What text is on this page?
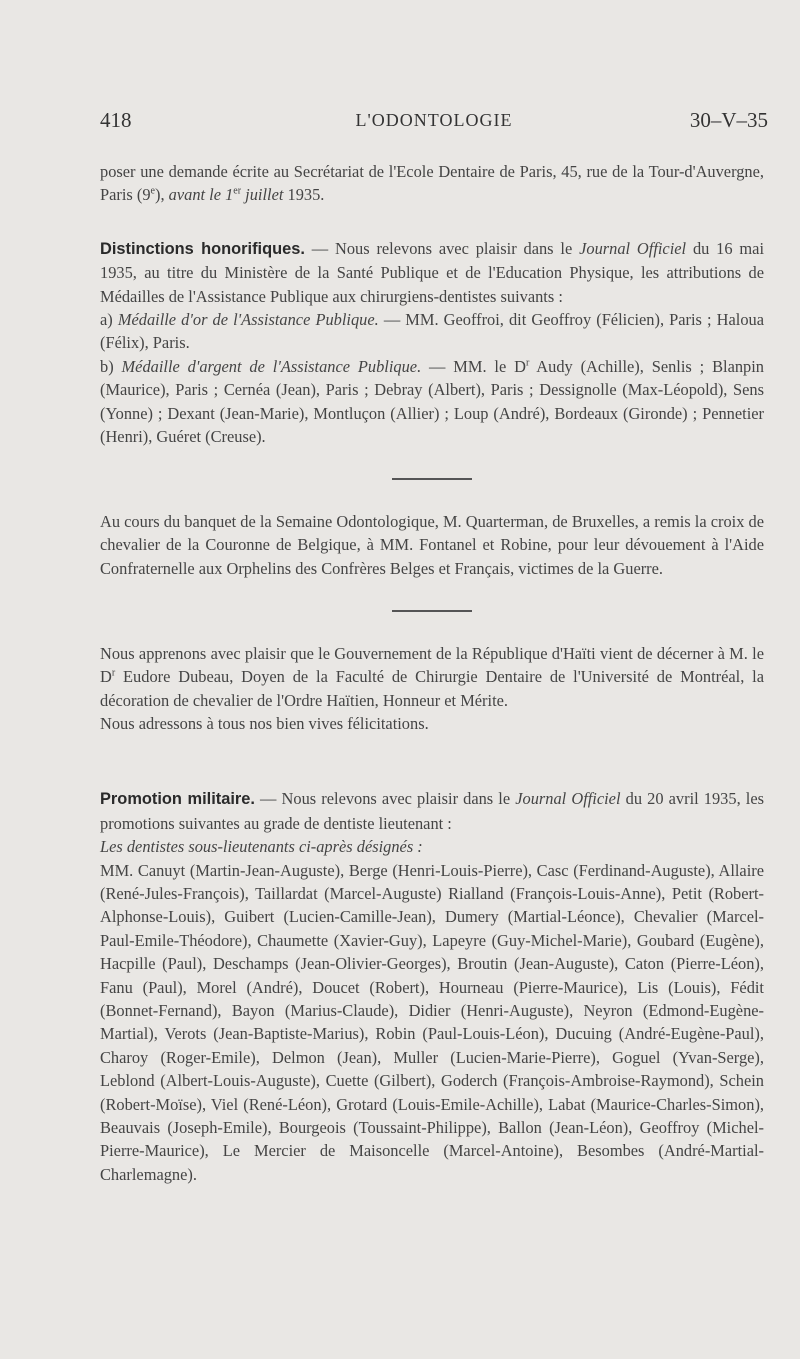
418	L'ODONTOLOGIE	30–V–35

poser une demande écrite au Secrétariat de l'Ecole Dentaire de Paris, 45, rue de la Tour-d'Auvergne, Paris (9e), avant le 1er juillet 1935.

Distinctions honorifiques. — Nous relevons avec plaisir dans le Journal Officiel du 16 mai 1935, au titre du Ministère de la Santé Publique et de l'Education Physique, les attributions de Médailles de l'Assistance Publique aux chirurgiens-dentistes suivants :

a) Médaille d'or de l'Assistance Publique. — MM. Geoffroi, dit Geoffroy (Félicien), Paris ; Haloua (Félix), Paris.

b) Médaille d'argent de l'Assistance Publique. — MM. le $D^r$ Audy (Achille), Senlis ; Blanpin (Maurice), Paris ; Cernéa (Jean), Paris ; Debray (Albert), Paris ; Dessignolle (Max-Léopold), Sens (Yonne) ; Dexant (Jean-Marie), Montluçon (Allier) ; Loup (André), Bordeaux (Gironde) ; Pennetier (Henri), Guéret (Creuse).

Au cours du banquet de la Semaine Odontologique, M. Quarterman, de Bruxelles, a remis la croix de chevalier de la Couronne de Belgique, à MM. Fontanel et Robine, pour leur dévouement à l'Aide Confraternelle aux Orphelins des Confrères Belges et Français, victimes de la Guerre.

Nous apprenons avec plaisir que le Gouvernement de la République d'Haïti vient de décerner à M. le $D^r$ Eudore Dubeau, Doyen de la Faculté de Chirurgie Dentaire de l'Université de Montréal, la décoration de chevalier de l'Ordre Haïtien, Honneur et Mérite.

Nous adressons à tous nos bien vives félicitations.

Promotion militaire. — Nous relevons avec plaisir dans le Journal Officiel du 20 avril 1935, les promotions suivantes au grade de dentiste lieutenant :

Les dentistes sous-lieutenants ci-après désignés :

MM. Canuyt (Martin-Jean-Auguste), Berge (Henri-Louis-Pierre), Casc (Ferdinand-Auguste), Allaire (René-Jules-François), Taillardat (Marcel-Auguste) Rialland (François-Louis-Anne), Petit (Robert-Alphonse-Louis), Guibert (Lucien-Camille-Jean), Dumery (Martial-Léonce), Chevalier (Marcel-Paul-Emile-Théodore), Chaumette (Xavier-Guy), Lapeyre (Guy-Michel-Marie), Goubard (Eugène), Hacpille (Paul), Deschamps (Jean-Olivier-Georges), Broutin (Jean-Auguste), Caton (Pierre-Léon), Fanu (Paul), Morel (André), Doucet (Robert), Hourneau (Pierre-Maurice), Lis (Louis), Fédit (Bonnet-Fernand), Bayon (Marius-Claude), Didier (Henri-Auguste), Neyron (Edmond-Eugène-Martial), Verots (Jean-Baptiste-Marius), Robin (Paul-Louis-Léon), Ducuing (André-Eugène-Paul), Charoy (Roger-Emile), Delmon (Jean), Muller (Lucien-Marie-Pierre), Goguel (Yvan-Serge), Leblond (Albert-Louis-Auguste), Cuette (Gilbert), Goderch (François-Ambroise-Raymond), Schein (Robert-Moïse), Viel (René-Léon), Grotard (Louis-Emile-Achille), Labat (Maurice-Charles-Simon), Beauvais (Joseph-Emile), Bourgeois (Toussaint-Philippe), Ballon (Jean-Léon), Geoffroy (Michel-Pierre-Maurice), Le Mercier de Maisoncelle (Marcel-Antoine), Besombes (André-Martial-Charlemagne).
